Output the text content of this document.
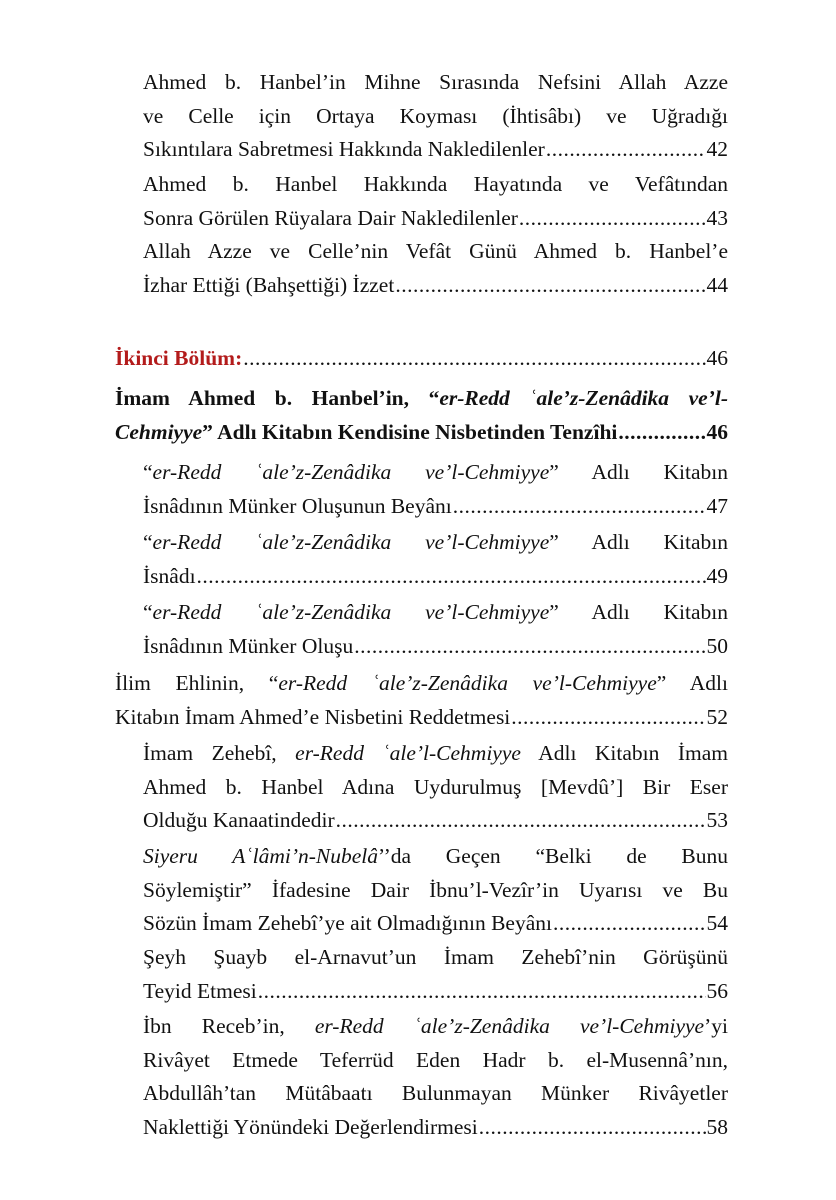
Ahmed b. Hanbel’in Mihne Sırasında Nefsini Allah Azze
ve Celle için Ortaya Koyması (İhtisâbı) ve Uğradığı
Sıkıntılara Sabretmesi Hakkında Nakledilenler .....	42
Ahmed b. Hanbel Hakkında Hayatında ve Vefâtından
Sonra Görülen Rüyalara Dair Nakledilenler .....	43
Allah Azze ve Celle’nin Vefât Günü Ahmed b. Hanbel’e
İzhar Ettiği (Bahşettiği) İzzet .....	44
İkinci Bölüm: .....	46
İmam Ahmed b. Hanbel’in, “er-Redd ʿale’z-Zenâdika ve’l-
Cehmiyye” Adlı Kitabın Kendisine Nisbetinden Tenzîhi .....	46
“er-Redd ʿale’z-Zenâdika ve’l-Cehmiyye” Adlı Kitabın
İsnâdının Münker Oluşunun Beyânı .....	47
“er-Redd ʿale’z-Zenâdika ve’l-Cehmiyye” Adlı Kitabın
İsnâdı .....	49
“er-Redd ʿale’z-Zenâdika ve’l-Cehmiyye” Adlı Kitabın
İsnâdının Münker Oluşu .....	50
İlim Ehlinin, “er-Redd ʿale’z-Zenâdika ve’l-Cehmiyye” Adlı
Kitabın İmam Ahmed’e Nisbetini Reddetmesi .....	52
İmam Zehebî, er-Redd ʿale’l-Cehmiyye Adlı Kitabın İmam
Ahmed b. Hanbel Adına Uydurulmuş [Mevdû’] Bir Eser
Olduğu Kanaatindedir .....	53
Siyeru Aʿlâmi’n-Nubelâ’’da Geçen “Belki de Bunu
Söylemiştir” İfadesine Dair İbnu’l-Vezîr’in Uyarısı ve Bu
Sözün İmam Zehebî’ye ait Olmadığının Beyânı .....	54
Şeyh Şuayb el-Arnavut’un İmam Zehebî’nin Görüşünü
Teyid Etmesi .....	56
İbn Receb’in, er-Redd ʿale’z-Zenâdika ve’l-Cehmiyye’yi
Rivâyet Etmede Teferrüd Eden Hadr b. el-Musennâ’nın,
Abdullâh’tan Mütâbaatı Bulunmayan Münker Rivâyetler
Naklettiği Yönündeki Değerlendirmesi .....	58
